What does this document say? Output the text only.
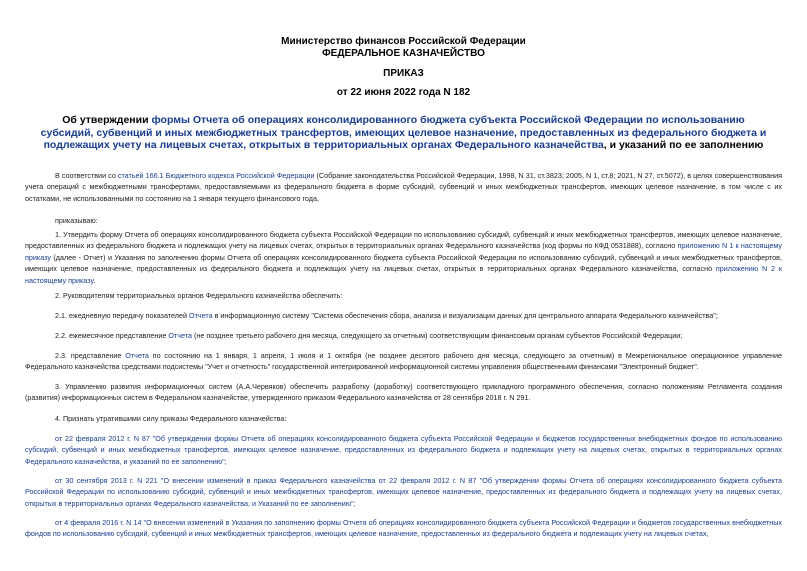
Министерство финансов Российской Федерации
ФЕДЕРАЛЬНОЕ КАЗНАЧЕЙСТВО
ПРИКАЗ
от 22 июня 2022 года N 182
Об утверждении формы Отчета об операциях консолидированного бюджета субъекта Российской Федерации по использованию субсидий, субвенций и иных межбюджетных трансфертов, имеющих целевое назначение, предоставленных из федерального бюджета и подлежащих учету на лицевых счетах, открытых в территориальных органах Федерального казначейства, и указаний по ее заполнению
В соответствии со статьей 166.1 Бюджетного кодекса Российской Федерации (Собрание законодательства Российской Федерации, 1998, N 31, ст.3823; 2005, N 1, ст.8; 2021, N 27, ст.5072), в целях совершенствования учета операций с межбюджетными трансфертами, предоставляемыми из федерального бюджета в форме субсидий, субвенций и иных межбюджетных трансфертов, имеющих целевое назначение, в том числе с их остатками, не использованными по состоянию на 1 января текущего финансового года,
приказываю:
1. Утвердить форму Отчета об операциях консолидированного бюджета субъекта Российской Федерации по использованию субсидий, субвенций и иных межбюджетных трансфертов, имеющих целевое назначение, предоставленных из федерального бюджета и подлежащих учету на лицевых счетах, открытых в территориальных органах Федерального казначейства (код формы по КФД 0531888), согласно приложению N 1 к настоящему приказу (далее - Отчет) и Указания по заполнению формы Отчета об операциях консолидированного бюджета субъекта Российской Федерации по использованию субсидий, субвенций и иных межбюджетных трансфертов, имеющих целевое назначение, предоставленных из федерального бюджета и подлежащих учету на лицевых счетах, открытых в территориальных органах Федерального казначейства, согласно приложению N 2 к настоящему приказу.
2. Руководителям территориальных органов Федерального казначейства обеспечить:
2.1. ежедневную передачу показателей Отчета в информационную систему "Система обеспечения сбора, анализа и визуализации данных для центрального аппарата Федерального казначейства";
2.2. ежемесячное представление Отчета (не позднее третьего рабочего дня месяца, следующего за отчетным) соответствующим финансовым органам субъектов Российской Федерации;
2.3. представление Отчета по состоянию на 1 января, 1 апреля, 1 июля и 1 октября (не позднее десятого рабочего дня месяца, следующего за отчетным) в Межрегиональное операционное управление Федерального казначейства средствами подсистемы "Учет и отчетность" государственной интегрированной информационной системы управления общественными финансами "Электронный бюджет".
3. Управлению развития информационных систем (А.А.Червяков) обеспечить разработку (доработку) соответствующего прикладного программного обеспечения, согласно положениям Регламента создания (развития) информационных систем в Федеральном казначействе, утвержденного приказом Федерального казначейства от 28 сентября 2018 г. N 291.
4. Признать утратившими силу приказы Федерального казначейства:
от 22 февраля 2012 г. N 87 "Об утверждении формы Отчета об операциях консолидированного бюджета субъекта Российской Федерации и бюджетов государственных внебюджетных фондов по использованию субсидий, субвенций и иных межбюджетных трансфертов, имеющих целевое назначение, предоставленных из федерального бюджета и подлежащих учету на лицевых счетах, открытых в территориальных органах Федерального казначейства, и указаний по ее заполнению";
от 30 сентября 2013 г. N 221 "О внесении изменений в приказ Федерального казначейства от 22 февраля 2012 г. N 87 "Об утверждении формы Отчета об операциях консолидированного бюджета субъекта Российской Федерации по использованию субсидий, субвенций и иных межбюджетных трансфертов, имеющих целевое назначение, предоставленных из федерального бюджета и подлежащих учету на лицевых счетах, открытых в территориальных органах Федерального казначейства, и Указаний по ее заполнению";
от 4 февраля 2016 г. N 14 "О внесении изменений в Указания по заполнению формы Отчета об операциях консолидированного бюджета субъекта Российской Федерации и бюджетов государственных внебюджетных фондов по использованию субсидий, субвенций и иных межбюджетных трансфертов, имеющих целевое назначение, предоставленных из федерального бюджета и подлежащих учету на лицевых счетах,
